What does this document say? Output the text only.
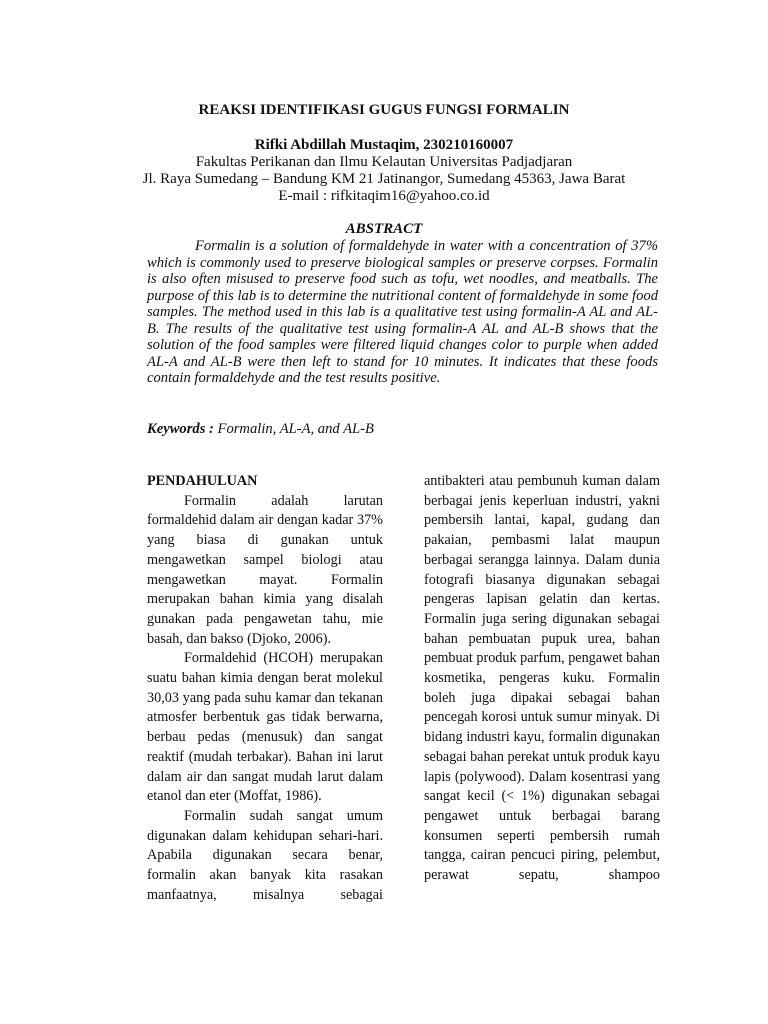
REAKSI IDENTIFIKASI GUGUS FUNGSI FORMALIN
Rifki Abdillah Mustaqim, 230210160007
Fakultas Perikanan dan Ilmu Kelautan Universitas Padjadjaran
Jl. Raya Sumedang – Bandung KM 21 Jatinangor, Sumedang 45363, Jawa Barat
E-mail : rifkitaqim16@yahoo.co.id
ABSTRACT

Formalin is a solution of formaldehyde in water with a concentration of 37% which is commonly used to preserve biological samples or preserve corpses. Formalin is also often misused to preserve food such as tofu, wet noodles, and meatballs. The purpose of this lab is to determine the nutritional content of formaldehyde in some food samples. The method used in this lab is a qualitative test using formalin-A AL and AL-B. The results of the qualitative test using formalin-A AL and AL-B shows that the solution of the food samples were filtered liquid changes color to purple when added AL-A and AL-B were then left to stand for 10 minutes. It indicates that these foods contain formaldehyde and the test results positive.

Keywords : Formalin, AL-A, and AL-B

PENDAHULUAN

Formalin adalah larutan formaldehid dalam air dengan kadar 37% yang biasa di gunakan untuk mengawetkan sampel biologi atau mengawetkan mayat. Formalin merupakan bahan kimia yang disalah gunakan pada pengawetan tahu, mie basah, dan bakso (Djoko, 2006).

Formaldehid (HCOH) merupakan suatu bahan kimia dengan berat molekul 30,03 yang pada suhu kamar dan tekanan atmosfer berbentuk gas tidak berwarna, berbau pedas (menusuk) dan sangat reaktif (mudah terbakar). Bahan ini larut dalam air dan sangat mudah larut dalam etanol dan eter (Moffat, 1986).

Formalin sudah sangat umum digunakan dalam kehidupan sehari-hari. Apabila digunakan secara benar, formalin akan banyak kita rasakan manfaatnya, misalnya sebagai

antibakteri atau pembunuh kuman dalam berbagai jenis keperluan industri, yakni pembersih lantai, kapal, gudang dan pakaian, pembasmi lalat maupun berbagai serangga lainnya. Dalam dunia fotografi biasanya digunakan sebagai pengeras lapisan gelatin dan kertas. Formalin juga sering digunakan sebagai bahan pembuatan pupuk urea, bahan pembuat produk parfum, pengawet bahan kosmetika, pengeras kuku. Formalin boleh juga dipakai sebagai bahan pencegah korosi untuk sumur minyak. Di bidang industri kayu, formalin digunakan sebagai bahan perekat untuk produk kayu lapis (polywood). Dalam kosentrasi yang sangat kecil (< 1%) digunakan sebagai pengawet untuk berbagai barang konsumen seperti pembersih rumah tangga, cairan pencuci piring, pelembut, perawat sepatu, shampoo
